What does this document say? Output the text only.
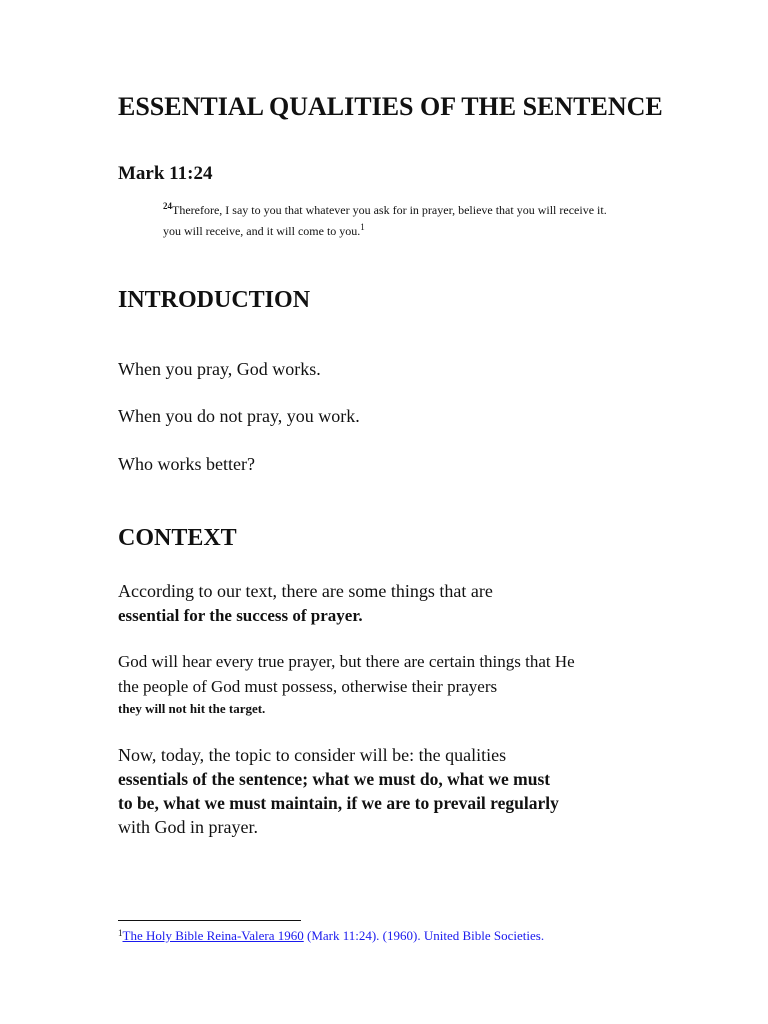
ESSENTIAL QUALITIES OF THE SENTENCE
Mark 11:24
$^{24}$Therefore, I say to you that whatever you ask for in prayer, believe that you will receive it.
you will receive, and it will come to you.$^1$
INTRODUCTION
When you pray, God works.
When you do not pray, you work.
Who works better?
CONTEXT
According to our text, there are some things that are
essential for the success of prayer.
God will hear every true prayer, but there are certain things that He
the people of God must possess, otherwise their prayers
they will not hit the target.
Now, today, the topic to consider will be: the qualities
essentials of the sentence; what we must do, what we must
to be, what we must maintain, if we are to prevail regularly
with God in prayer.
$^1$The Holy Bible Reina-Valera 1960 (Mark 11:24). (1960). United Bible Societies.
